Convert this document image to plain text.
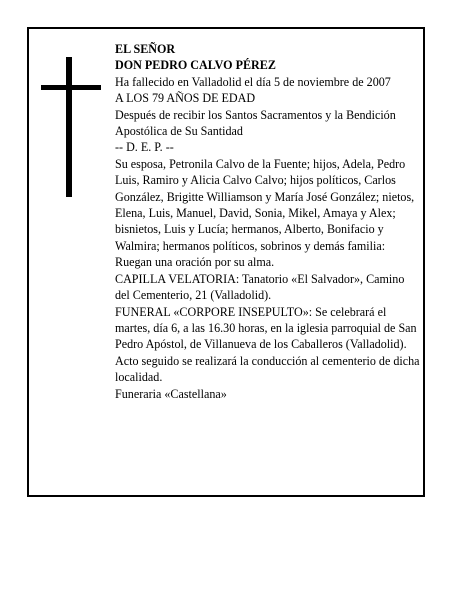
EL SEÑOR

DON PEDRO CALVO PÉREZ

Ha fallecido en Valladolid el día 5 de noviembre de 2007

A LOS 79 AÑOS DE EDAD

Después de recibir los Santos Sacramentos y la Bendición Apostólica de Su Santidad

-- D. E. P. --

Su esposa, Petronila Calvo de la Fuente; hijos, Adela, Pedro Luis, Ramiro y Alicia Calvo Calvo; hijos políticos, Carlos González, Brigitte Williamson y María José González; nietos, Elena, Luis, Manuel, David, Sonia, Mikel, Amaya y Alex; bisnietos, Luis y Lucía; hermanos, Alberto, Bonifacio y Walmira; hermanos políticos, sobrinos y demás familia:

Ruegan una oración por su alma.

CAPILLA VELATORIA: Tanatorio «El Salvador», Camino del Cementerio, 21 (Valladolid).

FUNERAL «CORPORE INSEPULTO»: Se celebrará el martes, día 6, a las 16.30 horas, en la iglesia parroquial de San Pedro Apóstol, de Villanueva de los Caballeros (Valladolid). Acto seguido se realizará la conducción al cementerio de dicha localidad.

Funeraria «Castellana»
